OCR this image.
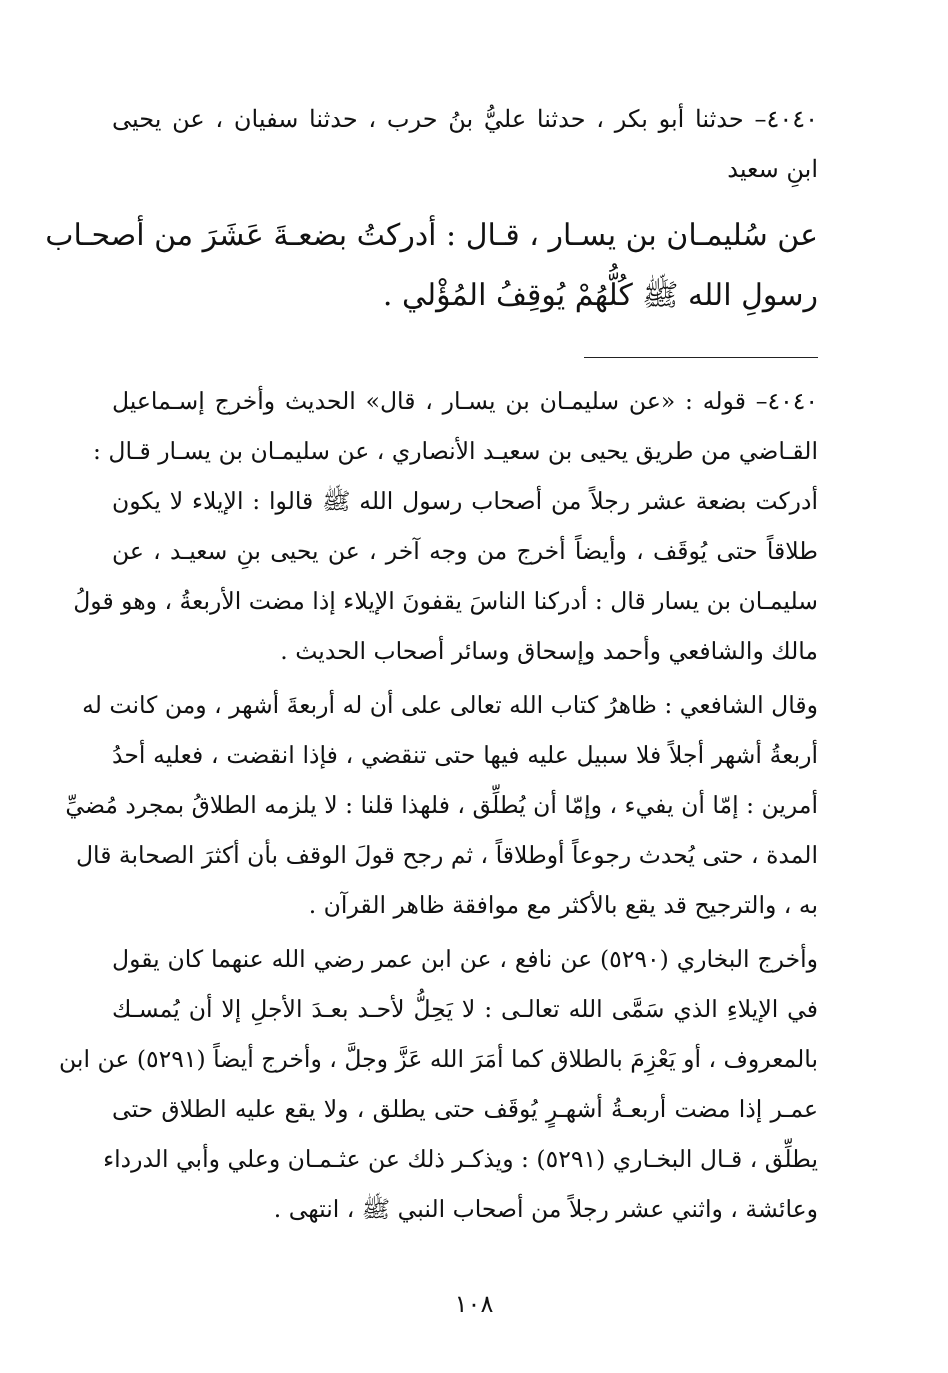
٤٠٤٠– حدثنا أبو بكر ، حدثنا عليُّ بنُ حرب ، حدثنا سفيان ، عن يحيى
ابنِ سعيد
عن سُليمـان بن يسـار ، قـال : أدركتُ بضعـةَ عَشَرَ من أصحـاب
رسولِ الله ﷺ كُلُّهُمْ يُوقِفُ المُؤْلي .
٤٠٤٠– قوله : «عن سليمـان بن يسـار ، قال» الحديث وأخرج إسـماعيل
القـاضي من طريق يحيى بن سعيـد الأنصاري ، عن سليمـان بن يسـار قـال :
أدركت بضعة عشر رجلاً من أصحاب رسول الله ﷺ قالوا : الإيلاء لا يكون
طلاقاً حتى يُوقَف ، وأيضاً أخرج من وجه آخر ، عن يحيى بنِ سعيـد ، عن
سليمـان بن يسار قال : أدركنا الناسَ يقفونَ الإيلاء إذا مضت الأربعةُ ، وهو قولُ
مالك والشافعي وأحمد وإسحاق وسائر أصحاب الحديث .
وقال الشافعي : ظاهرُ كتاب الله تعالى على أن له أربعةَ أشهر ، ومن كانت له
أربعةُ أشهر أجلاً فلا سبيل عليه فيها حتى تنقضي ، فإذا انقضت ، فعليه أحدُ
أمرين : إمّا أن يفيء ، وإمّا أن يُطلِّق ، فلهذا قلنا : لا يلزمه الطلاقُ بمجرد مُضيِّ
المدة ، حتى يُحدث رجوعاً أوطلاقاً ، ثم رجح قولَ الوقف بأن أكثرَ الصحابة قال
به ، والترجيح قد يقع بالأكثر مع موافقة ظاهر القرآن .
وأخرج البخاري (٥٢٩٠) عن نافع ، عن ابن عمر رضي الله عنهما كان يقول
في الإيلاءِ الذي سَمَّى الله تعالـى : لا يَحِلُّ لأحـد بعـدَ الأجلِ إلا أن يُمسـك
بالمعروف ، أو يَعْزِمَ بالطلاق كما أمَرَ الله عَزَّ وجلَّ ، وأخرج أيضاً (٥٢٩١) عن ابن
عمـر إذا مضت أربعـةُ أشهـرٍ يُوقَف حتى يطلق ، ولا يقع عليه الطلاق حتى
يطلِّق ، قـال البخـاري (٥٢٩١) : ويذكـر ذلك عن عثـمـان وعلي وأبي الدرداء
وعائشة ، واثني عشر رجلاً من أصحاب النبي ﷺ ، انتهى .
١٠٨
